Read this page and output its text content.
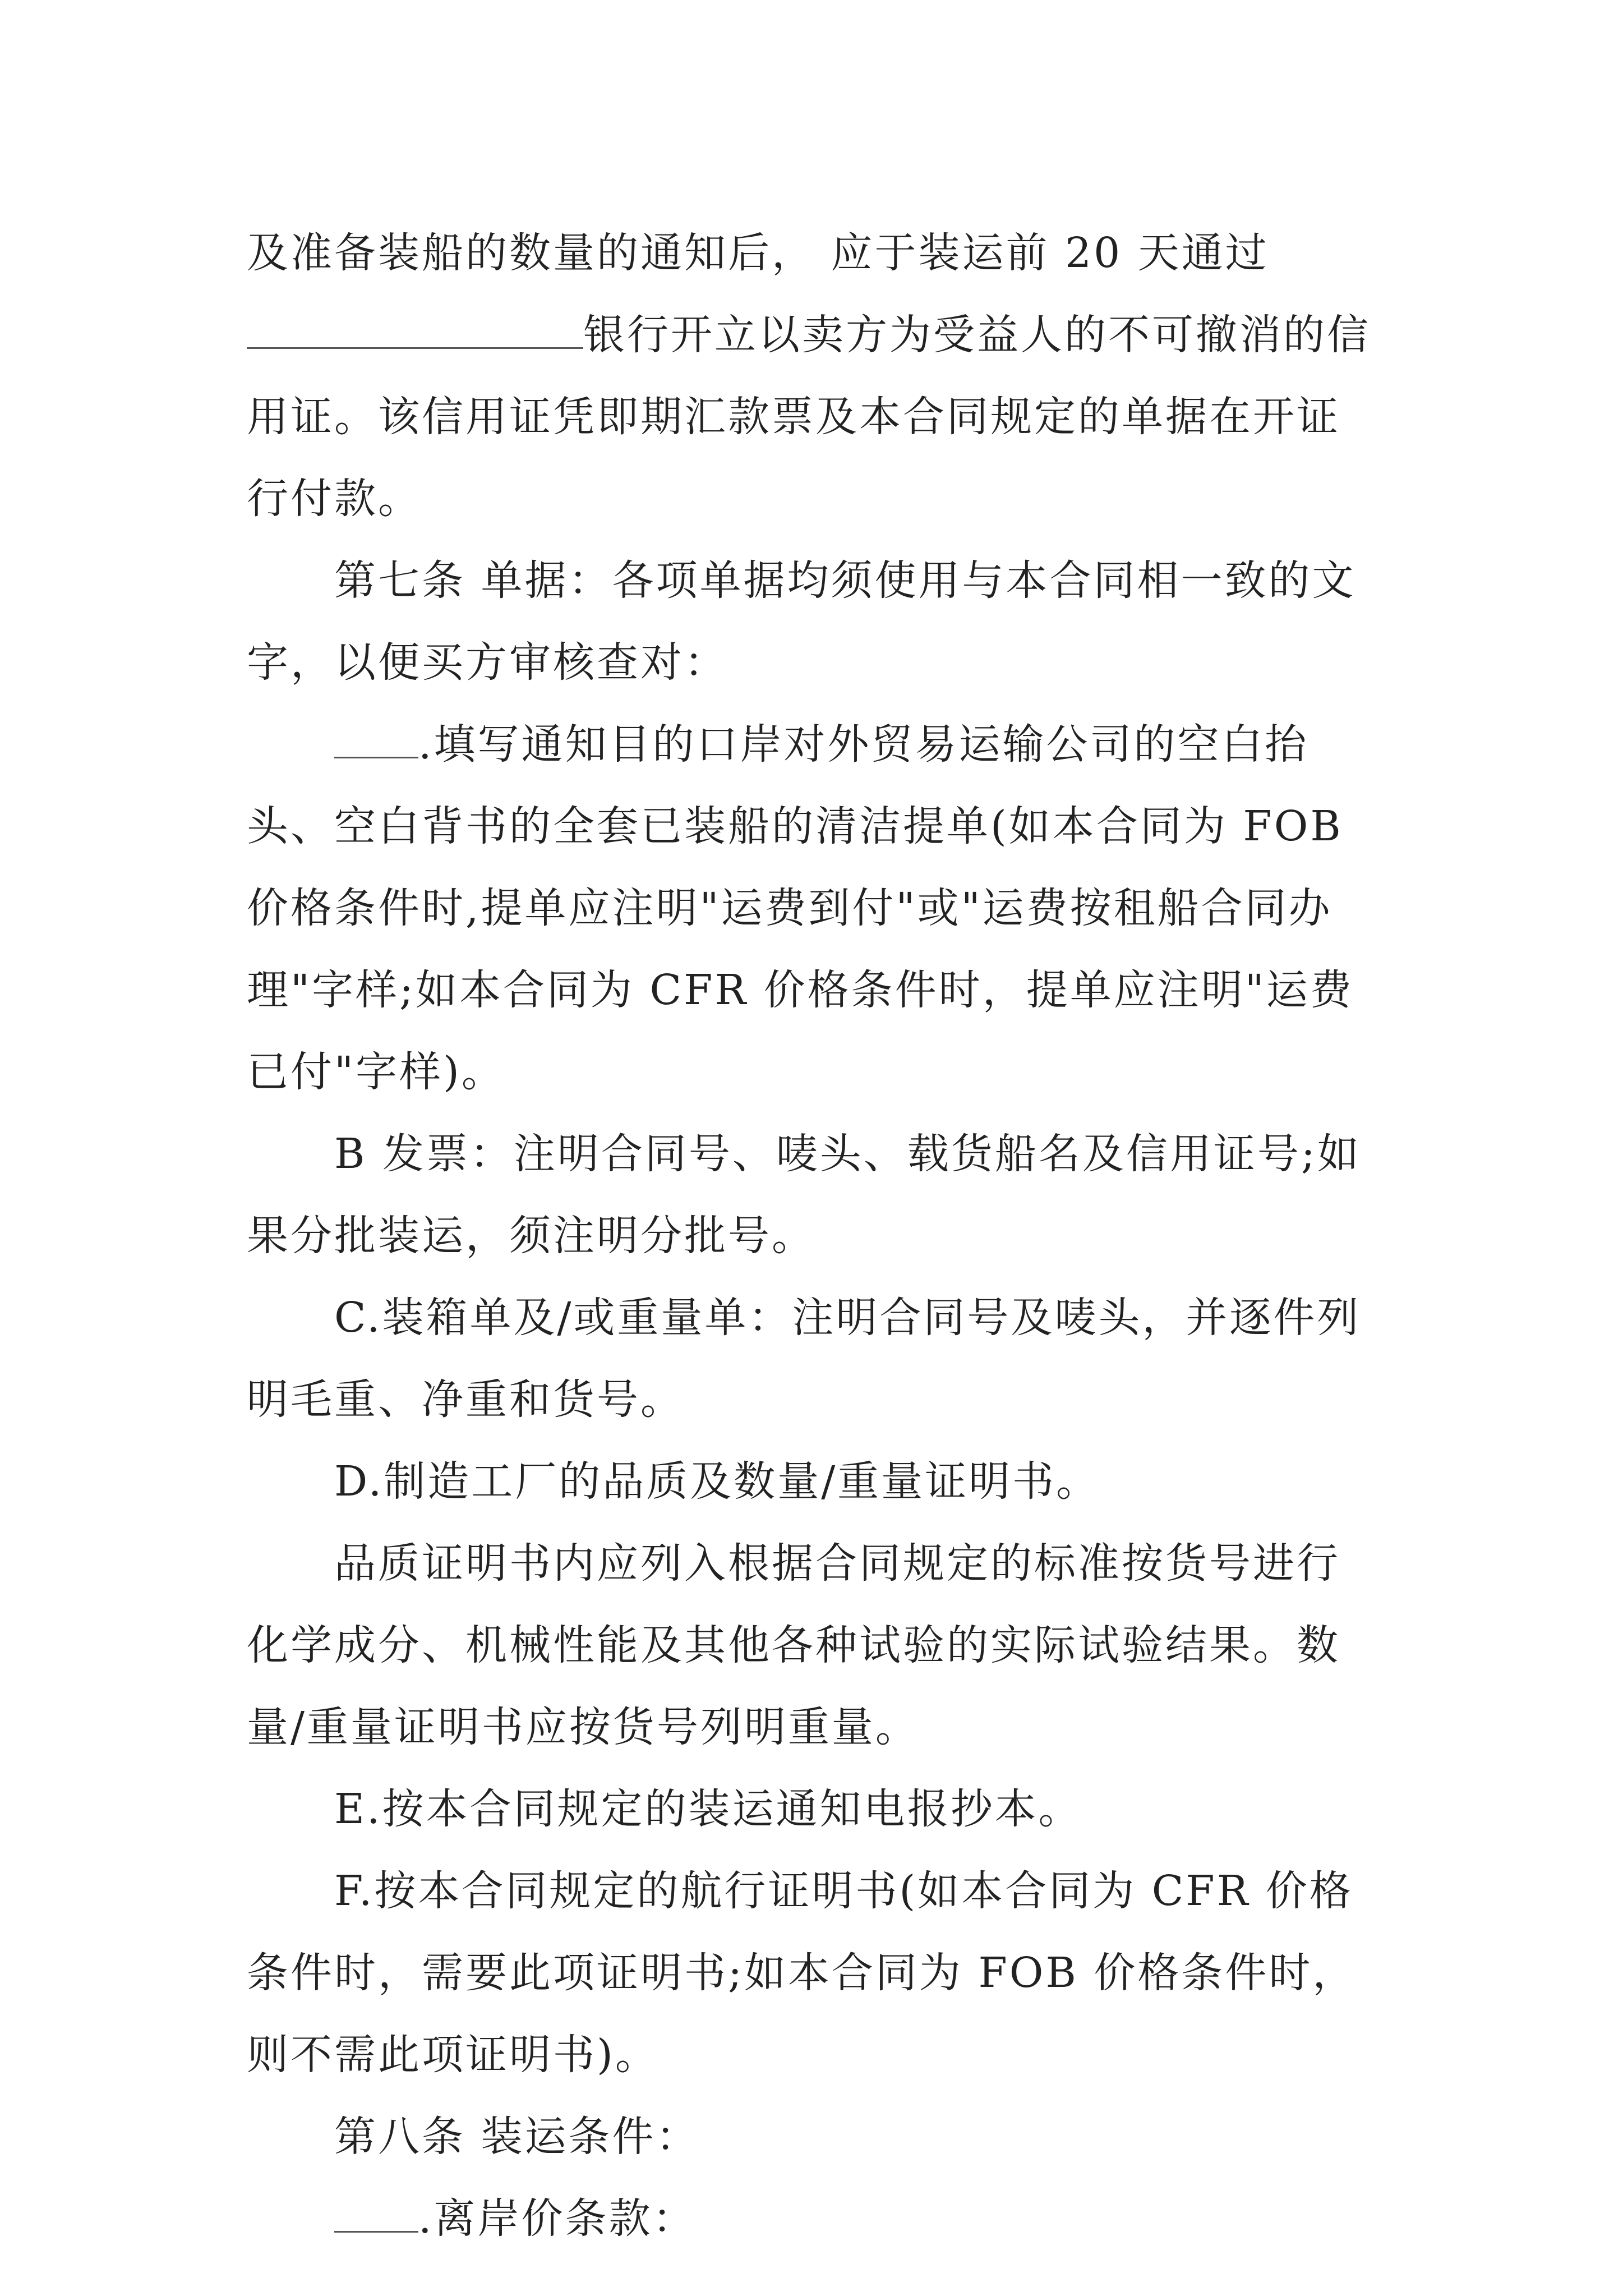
及准备装船的数量的通知后， 应于装运前 20 天通过

银行开立以卖方为受益人的不可撤消的信用证。该信用证凭即期汇款票及本合同规定的单据在开证行付款。

第七条 单据：各项单据均须使用与本合同相一致的文字，以便买方审核查对：

.填写通知目的口岸对外贸易运输公司的空白抬头、空白背书的全套已装船的清洁提单(如本合同为 FOB 价格条件时,提单应注明"运费到付"或"运费按租船合同办理"字样;如本合同为 CFR 价格条件时，提单应注明"运费已付"字样)。

B 发票：注明合同号、唛头、载货船名及信用证号;如果分批装运，须注明分批号。

C.装箱单及/或重量单：注明合同号及唛头，并逐件列明毛重、净重和货号。

D.制造工厂的品质及数量/重量证明书。

品质证明书内应列入根据合同规定的标准按货号进行化学成分、机械性能及其他各种试验的实际试验结果。数量/重量证明书应按货号列明重量。

E.按本合同规定的装运通知电报抄本。

F.按本合同规定的航行证明书(如本合同为 CFR 价格条件时，需要此项证明书;如本合同为 FOB 价格条件时，则不需此项证明书)。

第八条 装运条件：

.离岸价条款：
